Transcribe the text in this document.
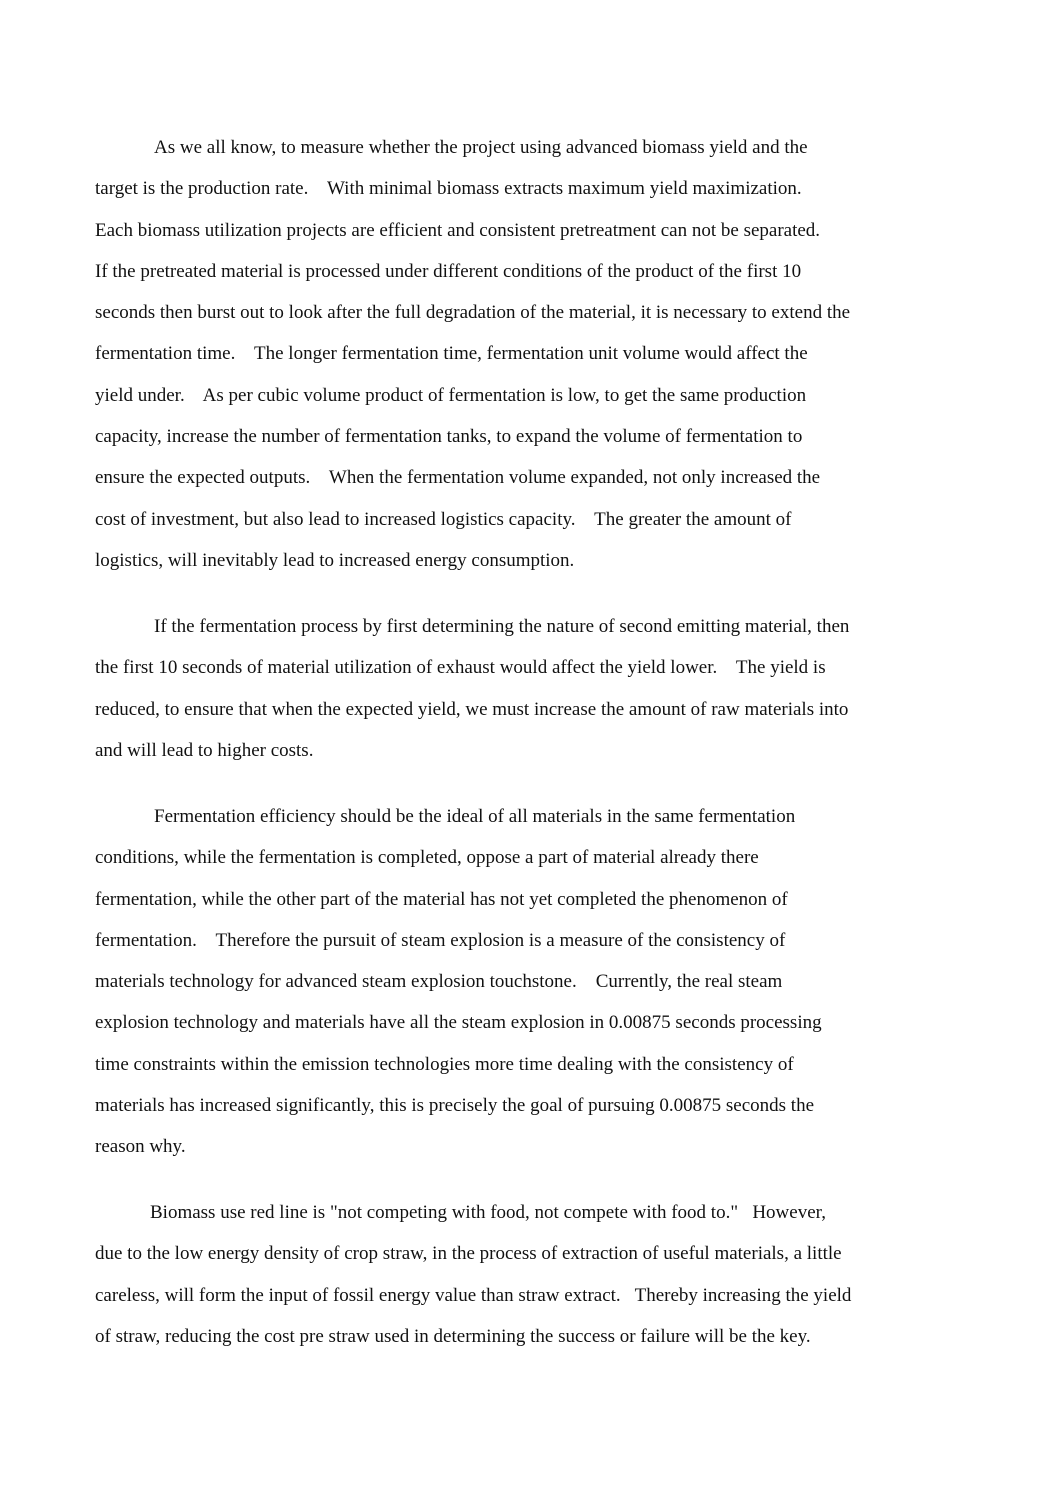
As we all know, to measure whether the project using advanced biomass yield and the
target is the production rate.    With minimal biomass extracts maximum yield maximization.
Each biomass utilization projects are efficient and consistent pretreatment can not be separated.
If the pretreated material is processed under different conditions of the product of the first 10
seconds then burst out to look after the full degradation of the material, it is necessary to extend the
fermentation time.    The longer fermentation time, fermentation unit volume would affect the
yield under.    As per cubic volume product of fermentation is low, to get the same production
capacity, increase the number of fermentation tanks, to expand the volume of fermentation to
ensure the expected outputs.    When the fermentation volume expanded, not only increased the
cost of investment, but also lead to increased logistics capacity.    The greater the amount of
logistics, will inevitably lead to increased energy consumption.
If the fermentation process by first determining the nature of second emitting material, then
the first 10 seconds of material utilization of exhaust would affect the yield lower.    The yield is
reduced, to ensure that when the expected yield, we must increase the amount of raw materials into
and will lead to higher costs.
Fermentation efficiency should be the ideal of all materials in the same fermentation
conditions, while the fermentation is completed, oppose a part of material already there
fermentation, while the other part of the material has not yet completed the phenomenon of
fermentation.    Therefore the pursuit of steam explosion is a measure of the consistency of
materials technology for advanced steam explosion touchstone.    Currently, the real steam
explosion technology and materials have all the steam explosion in 0.00875 seconds processing
time constraints within the emission technologies more time dealing with the consistency of
materials has increased significantly, this is precisely the goal of pursuing 0.00875 seconds the
reason why.
Biomass use red line is "not competing with food, not compete with food to."   However,
due to the low energy density of crop straw, in the process of extraction of useful materials, a little
careless, will form the input of fossil energy value than straw extract.   Thereby increasing the yield
of straw, reducing the cost pre straw used in determining the success or failure will be the key.
